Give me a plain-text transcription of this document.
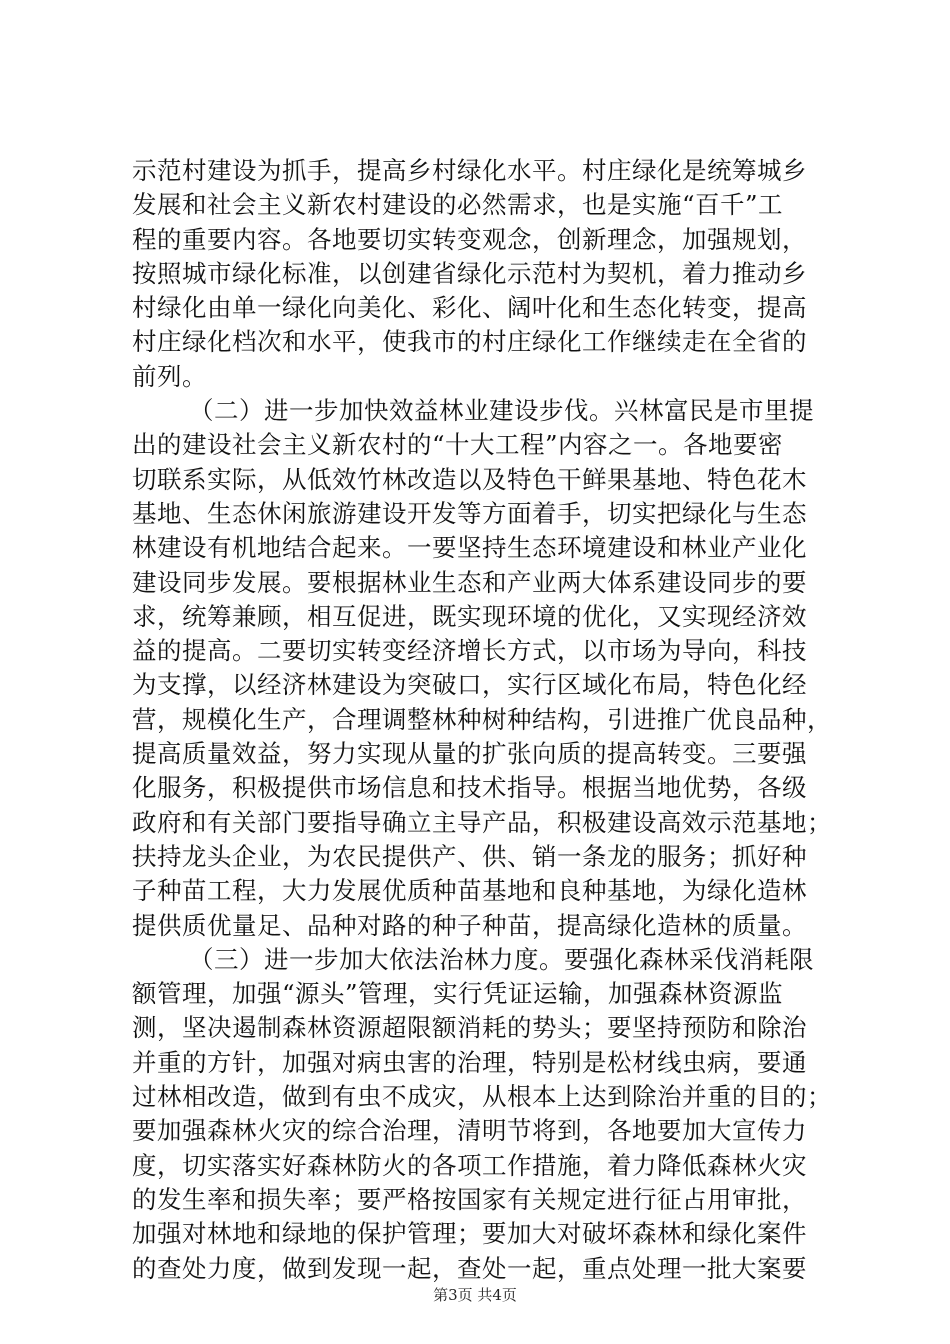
示范村建设为抓手，提高乡村绿化水平。村庄绿化是统筹城乡
发展和社会主义新农村建设的必然需求，也是实施“百千”工
程的重要内容。各地要切实转变观念，创新理念，加强规划，
按照城市绿化标准，以创建省绿化示范村为契机，着力推动乡
村绿化由单一绿化向美化、彩化、阔叶化和生态化转变，提高
村庄绿化档次和水平，使我市的村庄绿化工作继续走在全省的
前列。
（二）进一步加快效益林业建设步伐。兴林富民是市里提
出的建设社会主义新农村的“十大工程”内容之一。各地要密
切联系实际，从低效竹林改造以及特色干鲜果基地、特色花木
基地、生态休闲旅游建设开发等方面着手，切实把绿化与生态
林建设有机地结合起来。一要坚持生态环境建设和林业产业化
建设同步发展。要根据林业生态和产业两大体系建设同步的要
求，统筹兼顾，相互促进，既实现环境的优化，又实现经济效
益的提高。二要切实转变经济增长方式，以市场为导向，科技
为支撑，以经济林建设为突破口，实行区域化布局，特色化经
营，规模化生产，合理调整林种树种结构，引进推广优良品种，
提高质量效益，努力实现从量的扩张向质的提高转变。三要强
化服务，积极提供市场信息和技术指导。根据当地优势，各级
政府和有关部门要指导确立主导产品，积极建设高效示范基地；
扶持龙头企业，为农民提供产、供、销一条龙的服务；抓好种
子种苗工程，大力发展优质种苗基地和良种基地，为绿化造林
提供质优量足、品种对路的种子种苗，提高绿化造林的质量。
（三）进一步加大依法治林力度。要强化森林采伐消耗限
额管理，加强“源头”管理，实行凭证运输，加强森林资源监
测，坚决遏制森林资源超限额消耗的势头；要坚持预防和除治
并重的方针，加强对病虫害的治理，特别是松材线虫病，要通
过林相改造，做到有虫不成灾，从根本上达到除治并重的目的；
要加强森林火灾的综合治理，清明节将到，各地要加大宣传力
度，切实落实好森林防火的各项工作措施，着力降低森林火灾
的发生率和损失率；要严格按国家有关规定进行征占用审批，
加强对林地和绿地的保护管理；要加大对破坏森林和绿化案件
的查处力度，做到发现一起，查处一起，重点处理一批大案要
第3页 共4页
